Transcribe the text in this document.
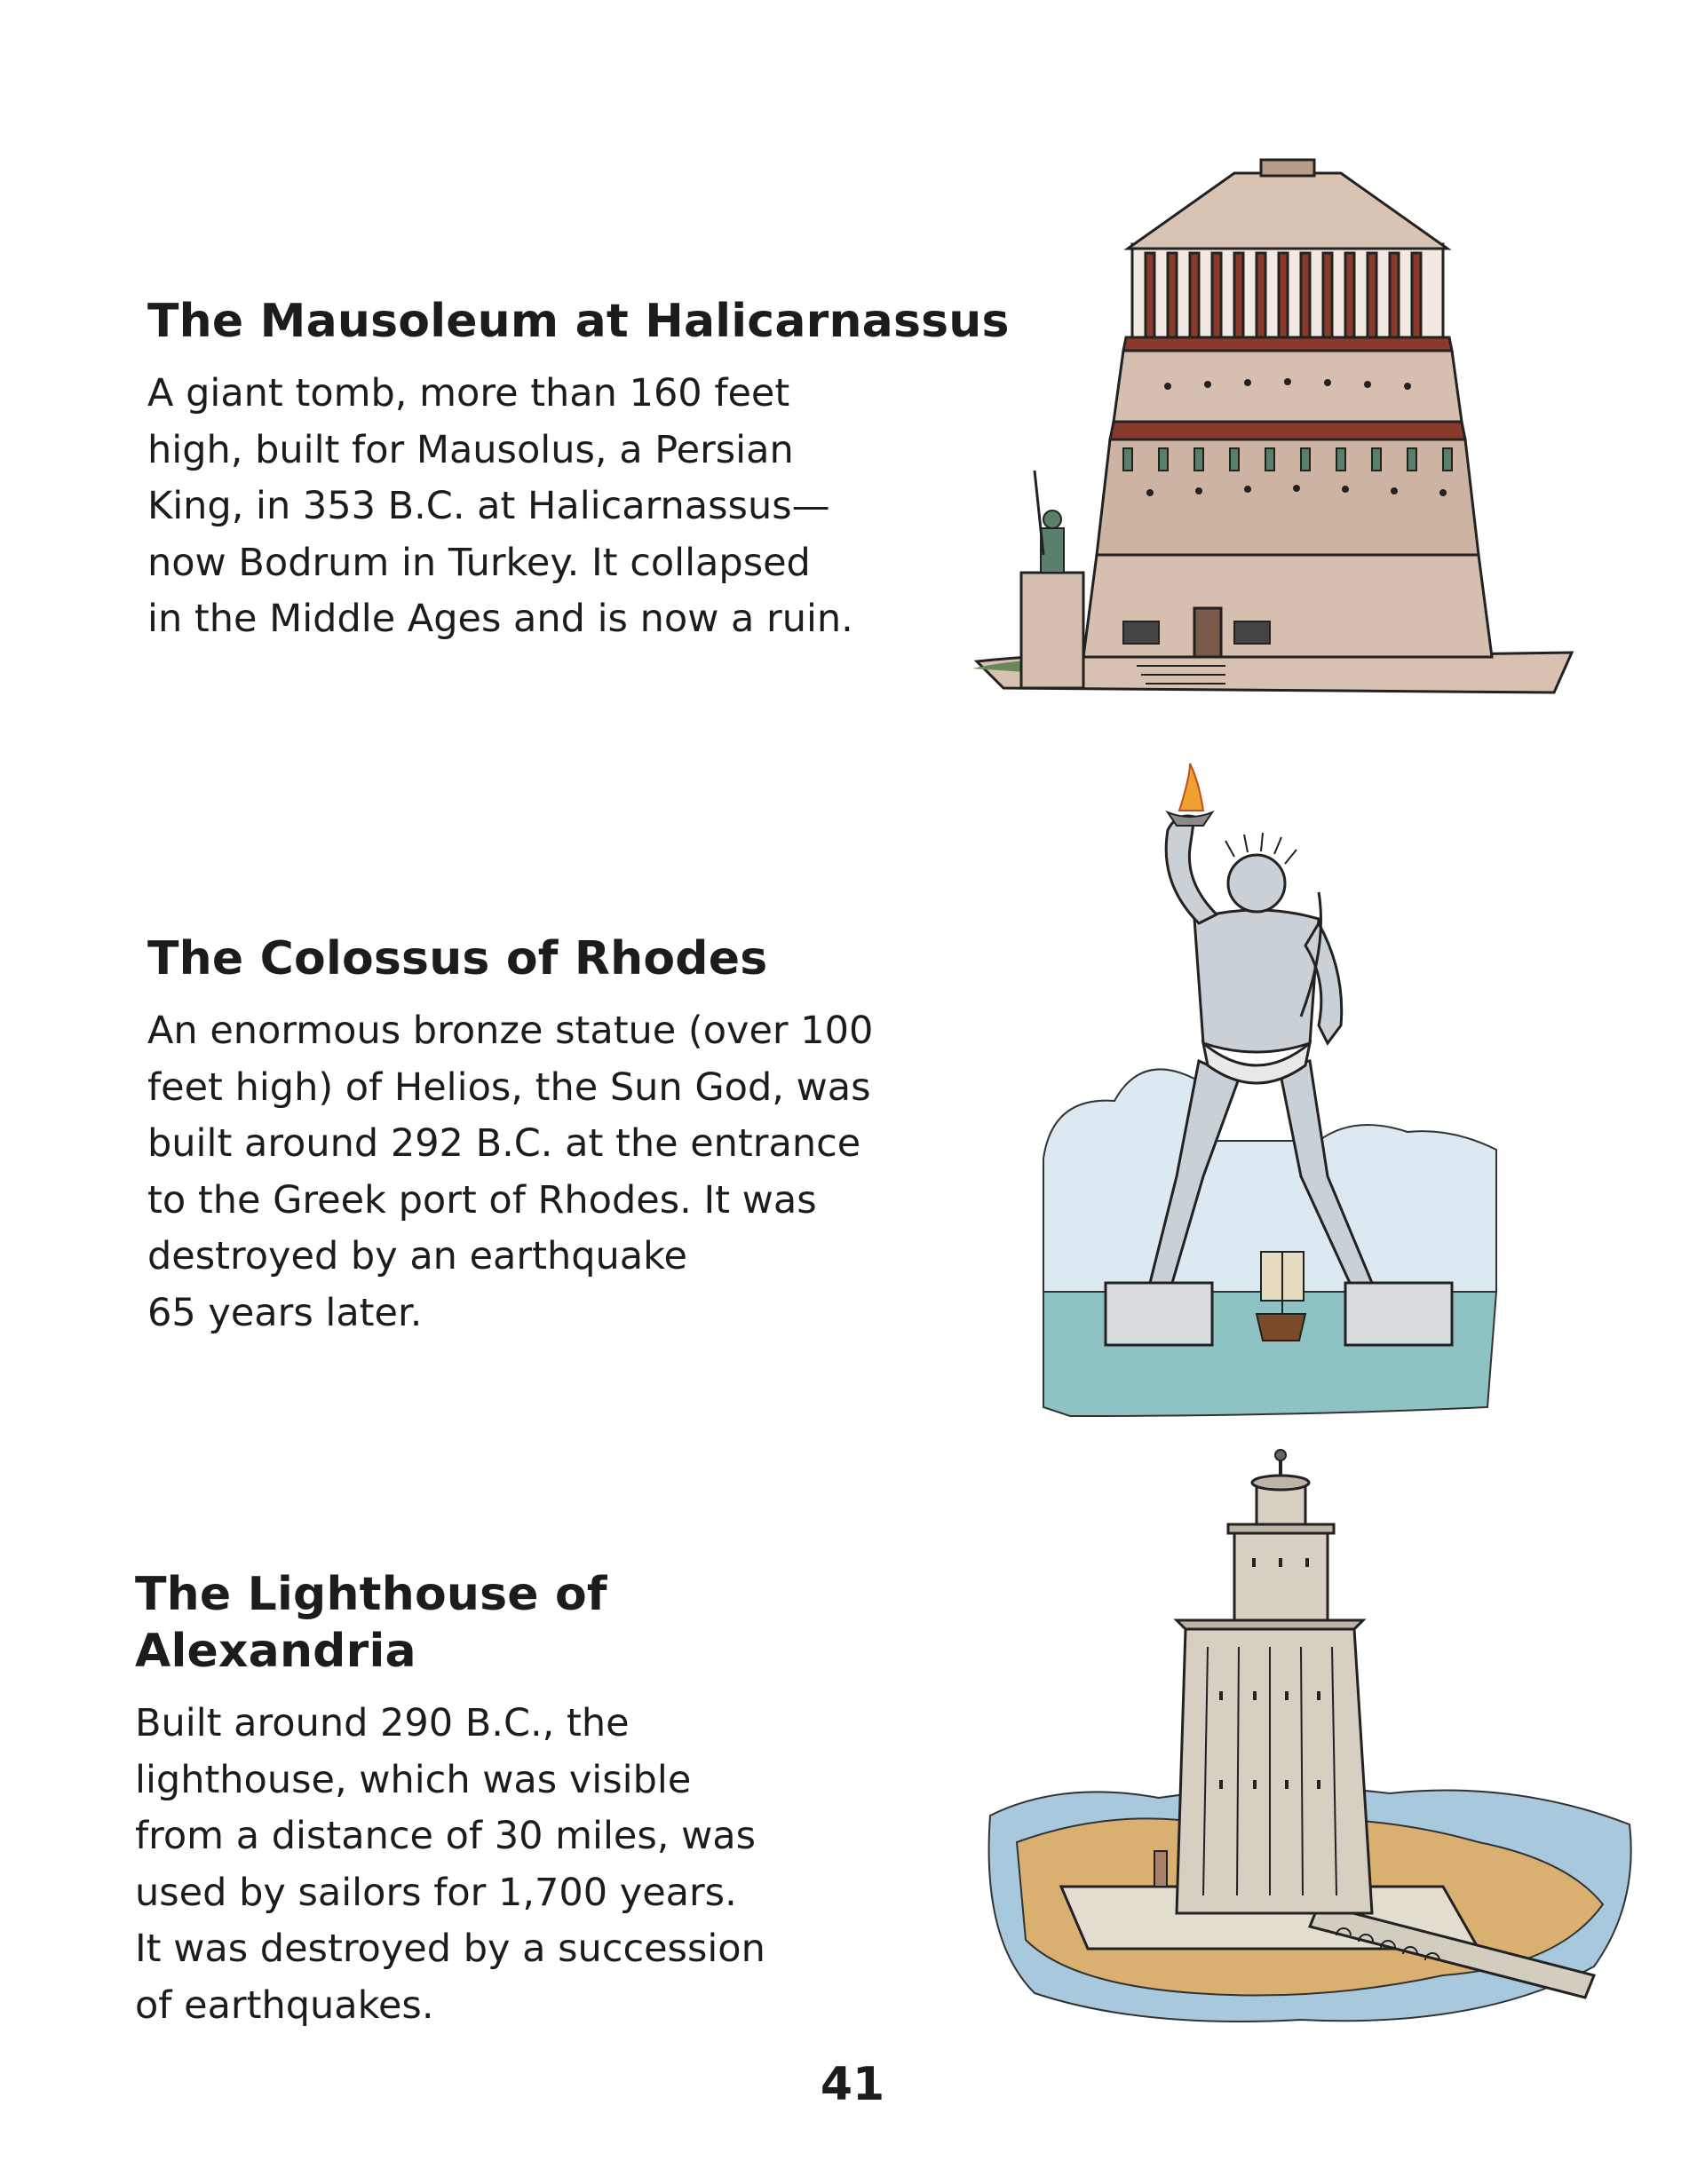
The Mausoleum at Halicarnassus

A giant tomb, more than 160 feet
high, built for Mausolus, a Persian
King, in 353 B.C. at Halicarnassus—
now Bodrum in Turkey. It collapsed
in the Middle Ages and is now a ruin.

The Colossus of Rhodes

An enormous bronze statue (over 100
feet high) of Helios, the Sun God, was
built around 292 B.C. at the entrance
to the Greek port of Rhodes. It was
destroyed by an earthquake
65 years later.

The Lighthouse of
Alexandria

Built around 290 B.C., the
lighthouse, which was visible
from a distance of 30 miles, was
used by sailors for 1,700 years.
It was destroyed by a succession
of earthquakes.

41
